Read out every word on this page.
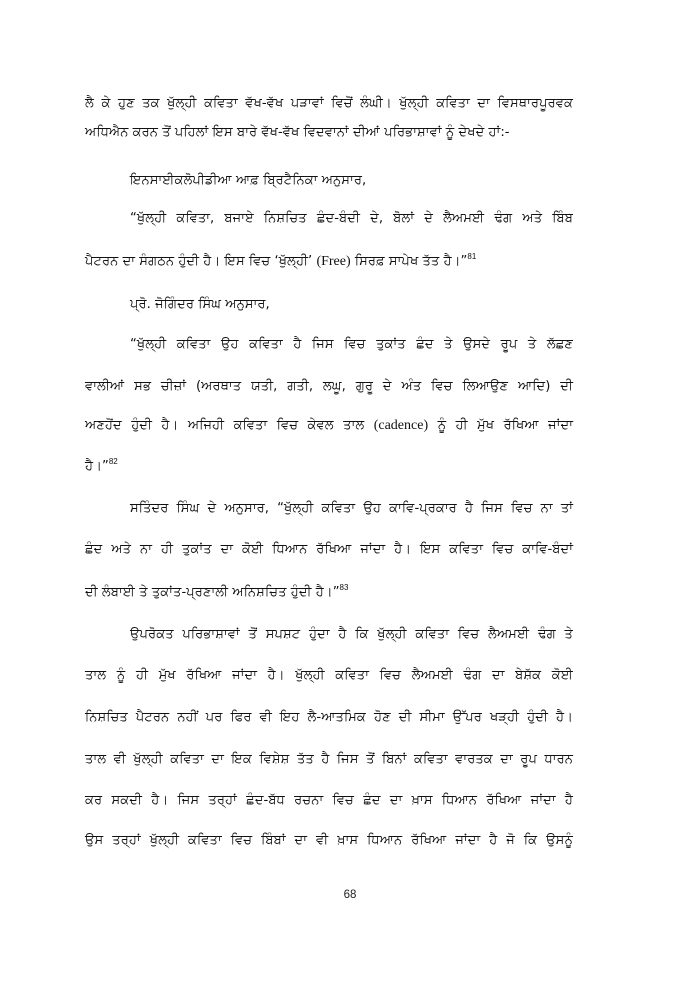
ਲੈ ਕੇ ਹੁਣ ਤਕ ਖੁੱਲ੍ਹੀ ਕਵਿਤਾ ਵੱਖ-ਵੱਖ ਪੜਾਵਾਂ ਵਿਚੋਂ ਲੰਘੀ। ਖੁੱਲ੍ਹੀ ਕਵਿਤਾ ਦਾ ਵਿਸਥਾਰਪੂਰਵਕ
ਅਧਿਐਨ ਕਰਨ ਤੋਂ ਪਹਿਲਾਂ ਇਸ ਬਾਰੇ ਵੱਖ-ਵੱਖ ਵਿਦਵਾਨਾਂ ਦੀਆਂ ਪਰਿਭਾਸ਼ਾਵਾਂ ਨੂੰ ਦੇਖਦੇ ਹਾਂ:-
ਇਨਸਾਈਕਲੋਪੀਡੀਆ ਆਫ਼ ਬ੍ਰਿਟੈਨਿਕਾ ਅਨੁਸਾਰ,
“ਖੁੱਲ੍ਹੀ ਕਵਿਤਾ, ਬਜਾਏ ਨਿਸ਼ਚਿਤ ਛੰਦ-ਬੰਦੀ ਦੇ, ਬੋਲਾਂ ਦੇ ਲੈਅਮਈ ਢੰਗ ਅਤੇ ਬਿੰਬ
ਪੈਟਰਨ ਦਾ ਸੰਗਠਨ ਹੁੰਦੀ ਹੈ। ਇਸ ਵਿਚ ‘ਖੁੱਲ੍ਹੀ’ (Free) ਸਿਰਫ਼ ਸਾਪੇਖ ਤੱਤ ਹੈ।”$^{81}$
ਪ੍ਰੋ. ਜੋਗਿੰਦਰ ਸਿੰਘ ਅਨੁਸਾਰ,
“ਖੁੱਲ੍ਹੀ ਕਵਿਤਾ ਉਹ ਕਵਿਤਾ ਹੈ ਜਿਸ ਵਿਚ ਤੁਕਾਂਤ ਛੰਦ ਤੇ ਉਸਦੇ ਰੂਪ ਤੇ ਲੱਛਣ
ਵਾਲੀਆਂ ਸਭ ਚੀਜ਼ਾਂ (ਅਰਥਾਤ ਯਤੀ, ਗਤੀ, ਲਘੂ, ਗੁਰੂ ਦੇ ਅੰਤ ਵਿਚ ਲਿਆਉਣ ਆਦਿ) ਦੀ
ਅਣਹੋਂਦ ਹੁੰਦੀ ਹੈ। ਅਜਿਹੀ ਕਵਿਤਾ ਵਿਚ ਕੇਵਲ ਤਾਲ (cadence) ਨੂੰ ਹੀ ਮੁੱਖ ਰੱਖਿਆ ਜਾਂਦਾ
ਹੈ।”$^{82}$
ਸਤਿੰਦਰ ਸਿੰਘ ਦੇ ਅਨੁਸਾਰ, “ਖੁੱਲ੍ਹੀ ਕਵਿਤਾ ਉਹ ਕਾਵਿ-ਪ੍ਰਕਾਰ ਹੈ ਜਿਸ ਵਿਚ ਨਾ ਤਾਂ
ਛੰਦ ਅਤੇ ਨਾ ਹੀ ਤੁਕਾਂਤ ਦਾ ਕੋਈ ਧਿਆਨ ਰੱਖਿਆ ਜਾਂਦਾ ਹੈ। ਇਸ ਕਵਿਤਾ ਵਿਚ ਕਾਵਿ-ਬੰਦਾਂ
ਦੀ ਲੰਬਾਈ ਤੇ ਤੁਕਾਂਤ-ਪ੍ਰਣਾਲੀ ਅਨਿਸ਼ਚਿਤ ਹੁੰਦੀ ਹੈ।”$^{83}$
ਉਪਰੋਕਤ ਪਰਿਭਾਸ਼ਾਵਾਂ ਤੋਂ ਸਪਸ਼ਟ ਹੁੰਦਾ ਹੈ ਕਿ ਖੁੱਲ੍ਹੀ ਕਵਿਤਾ ਵਿਚ ਲੈਅਮਈ ਢੰਗ ਤੇ
ਤਾਲ ਨੂੰ ਹੀ ਮੁੱਖ ਰੱਖਿਆ ਜਾਂਦਾ ਹੈ। ਖੁੱਲ੍ਹੀ ਕਵਿਤਾ ਵਿਚ ਲੈਅਮਈ ਢੰਗ ਦਾ ਬੇਸ਼ੱਕ ਕੋਈ
ਨਿਸ਼ਚਿਤ ਪੈਟਰਨ ਨਹੀਂ ਪਰ ਫਿਰ ਵੀ ਇਹ ਲੈ-ਆਤਮਿਕ ਹੋਣ ਦੀ ਸੀਮਾ ਉੱਪਰ ਖੜ੍ਹੀ ਹੁੰਦੀ ਹੈ।
ਤਾਲ ਵੀ ਖੁੱਲ੍ਹੀ ਕਵਿਤਾ ਦਾ ਇਕ ਵਿਸ਼ੇਸ਼ ਤੱਤ ਹੈ ਜਿਸ ਤੋਂ ਬਿਨਾਂ ਕਵਿਤਾ ਵਾਰਤਕ ਦਾ ਰੂਪ ਧਾਰਨ
ਕਰ ਸਕਦੀ ਹੈ। ਜਿਸ ਤਰ੍ਹਾਂ ਛੰਦ-ਬੱਧ ਰਚਨਾ ਵਿਚ ਛੰਦ ਦਾ ਖ਼ਾਸ ਧਿਆਨ ਰੱਖਿਆ ਜਾਂਦਾ ਹੈ
ਉਸ ਤਰ੍ਹਾਂ ਖੁੱਲ੍ਹੀ ਕਵਿਤਾ ਵਿਚ ਬਿੰਬਾਂ ਦਾ ਵੀ ਖ਼ਾਸ ਧਿਆਨ ਰੱਖਿਆ ਜਾਂਦਾ ਹੈ ਜੋ ਕਿ ਉਸਨੂੰ
68
